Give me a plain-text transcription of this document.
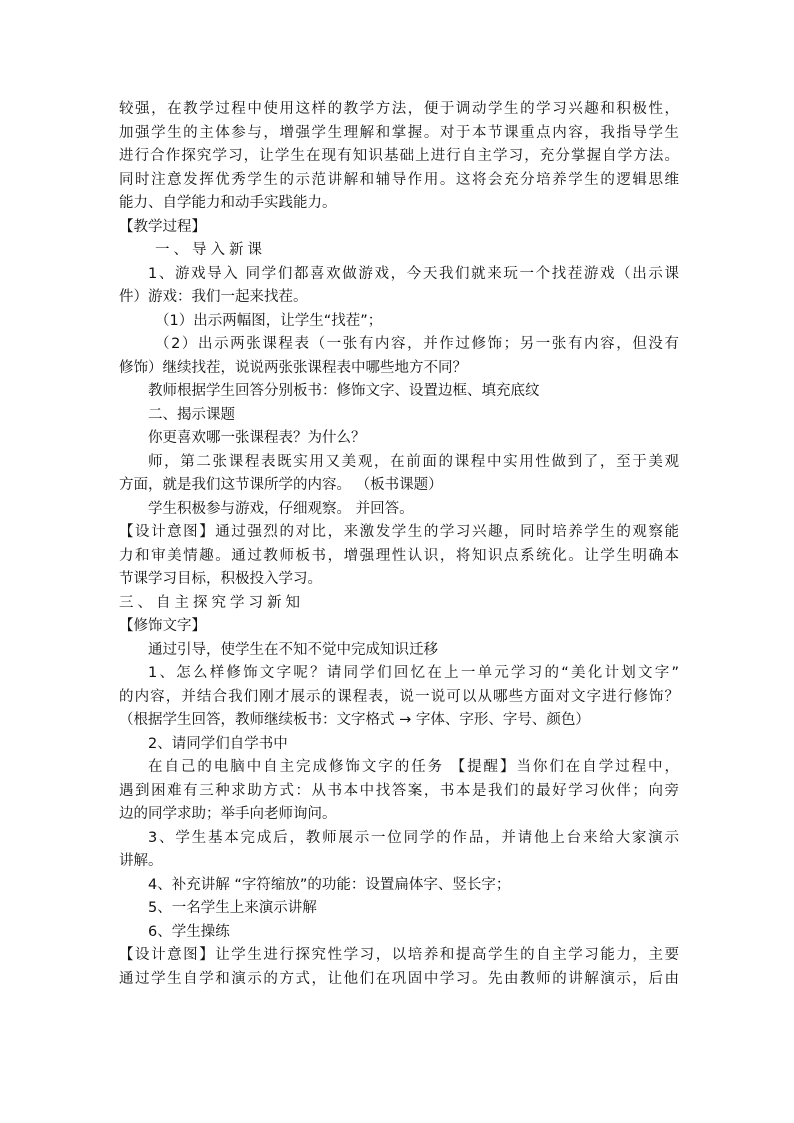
较强，在教学过程中使用这样的教学方法，便于调动学生的学习兴趣和积极性，
加强学生的主体参与，增强学生理解和掌握。对于本节课重点内容，我指导学生
进行合作探究学习，让学生在现有知识基础上进行自主学习，充分掌握自学方法。
同时注意发挥优秀学生的示范讲解和辅导作用。这将会充分培养学生的逻辑思维
能力、自学能力和动手实践能力。
【教学过程】
一、导入新课
1、游戏导入 同学们都喜欢做游戏，今天我们就来玩一个找茬游戏（出示课
件）游戏：我们一起来找茬。
（1）出示两幅图，让学生“找茬”；
（2）出示两张课程表（一张有内容，并作过修饰；另一张有内容，但没有
修饰）继续找茬，说说两张张课程表中哪些地方不同？
教师根据学生回答分别板书：修饰文字、设置边框、填充底纹
二、揭示课题
你更喜欢哪一张课程表？为什么？
师，第二张课程表既实用又美观，在前面的课程中实用性做到了，至于美观
方面，就是我们这节课所学的内容。 （板书课题）
学生积极参与游戏，仔细观察。 并回答。
【设计意图】通过强烈的对比，来激发学生的学习兴趣，同时培养学生的观察能
力和审美情趣。通过教师板书，增强理性认识，将知识点系统化。让学生明确本
节课学习目标，积极投入学习。
三、自主探究学习新知
【修饰文字】
通过引导，使学生在不知不觉中完成知识迁移
1、怎么样修饰文字呢？请同学们回忆在上一单元学习的“美化计划文字”
的内容，并结合我们刚才展示的课程表，说一说可以从哪些方面对文字进行修饰？
（根据学生回答，教师继续板书：文字格式 → 字体、字形、字号、颜色）
2、请同学们自学书中
在自己的电脑中自主完成修饰文字的任务 【提醒】当你们在自学过程中，
遇到困难有三种求助方式：从书本中找答案，书本是我们的最好学习伙伴；向旁
边的同学求助；举手向老师询问。
3、学生基本完成后，教师展示一位同学的作品，并请他上台来给大家演示
讲解。
4、补充讲解 “字符缩放”的功能：设置扁体字、竖长字；
5、一名学生上来演示讲解
6、学生操练
【设计意图】让学生进行探究性学习，以培养和提高学生的自主学习能力，主要
通过学生自学和演示的方式，让他们在巩固中学习。先由教师的讲解演示，后由
